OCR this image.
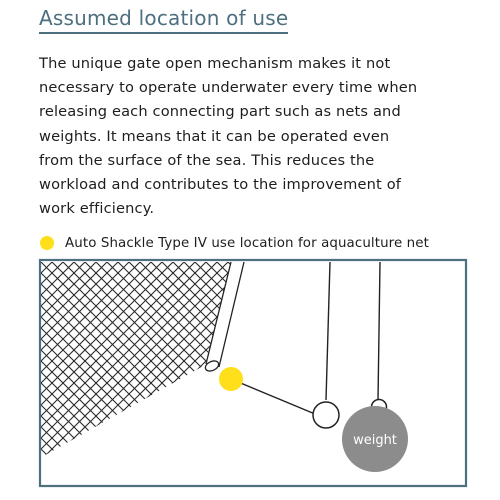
Assumed location of use

The unique gate open mechanism makes it not
necessary to operate underwater every time when
releasing each connecting part such as nets and
weights. It means that it can be operated even
from the surface of the sea. This reduces the
workload and contributes to the improvement of
work efficiency.

Auto Shackle Type IV use location for aquaculture net
weight
